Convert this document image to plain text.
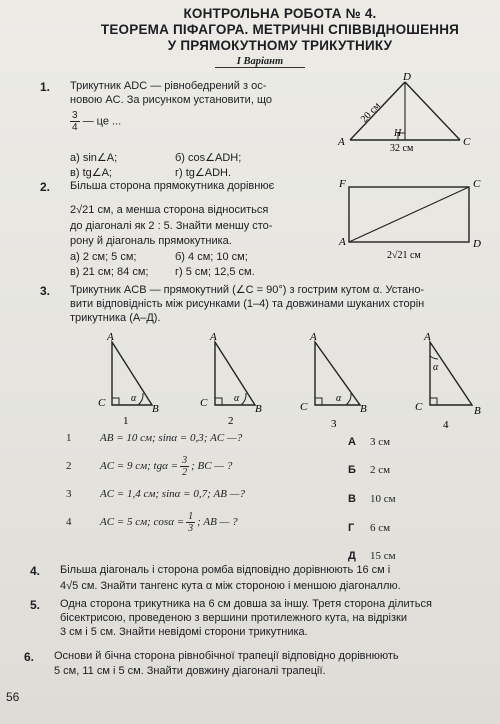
КОНТРОЛЬНА РОБОТА № 4.
ТЕОРЕМА ПІФАГОРА. МЕТРИЧНІ СПІВВІДНОШЕННЯ
У ПРЯМОКУТНОМУ ТРИКУТНИКУ
I Варіант
1. Трикутник ADC — рівнобедрений з ос-
новою AC. За рисунком установити, що
$\frac{3}{4}$ — це ...
а) sin∠A;	б) cos∠ADH;
в) tg∠A;	г) tg∠ADH.
D
A
H
C
20 см
32 см
2. Більша сторона прямокутника дорівнює
2√21 см, а менша сторона відноситься
до діагоналі як 2 : 5. Знайти меншу сто-
рону й діагональ прямокутника.
а) 2 см; 5 см;	б) 4 см; 10 см;
в) 21 см; 84 см; г) 5 см; 12,5 см.
F	C
A	D
2√21 см
3. Трикутник ACB — прямокутний (∠C = 90°) з гострим кутом α. Устано-
вити відповідність між рисунками (1–4) та довжинами шуканих сторін
трикутника (А–Д).
A
C	B
α
1
A
C	B
α
2
A
C	B
α
3
A
C	B
α
4
1	AB = 10 см; sinα = 0,3; AC —?
2	AC = 9 см; $tg\alpha = \frac{3}{2}$ ; BC — ?
3	AC = 1,4 см; sinα = 0,7; AB —?
4	AC = 5 см; $\cos\alpha = \frac{1}{3}$ ; AB — ?
А 3 см
Б 2 см
В 10 см
Г 6 см
Д 15 см
4. Більша діагональ і сторона ромба відповідно дорівнюють 16 см і
4√5 см. Знайти тангенс кута α між стороною і меншою діагоналлю.
5. Одна сторона трикутника на 6 см довша за іншу. Третя сторона ділиться
бісектрисою, проведеною з вершини протилежного кута, на відрізки
3 см і 5 см. Знайти невідомі сторони трикутника.
6. Основи й бічна сторона рівнобічної трапеції відповідно дорівнюють
5 см, 11 см і 5 см. Знайти довжину діагоналі трапеції.
56
